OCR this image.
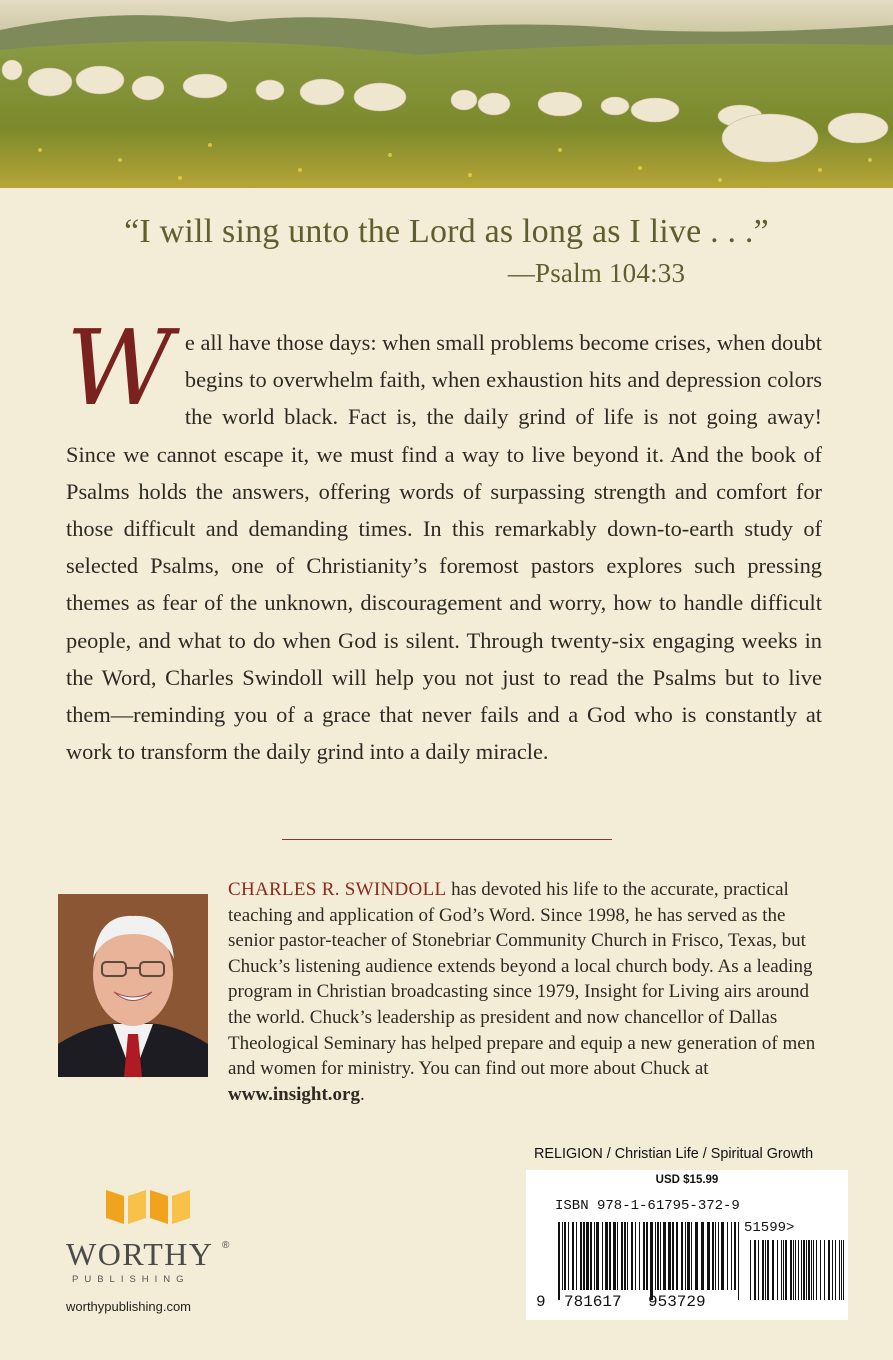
“I will sing unto the Lord as long as I live . . .”
—Psalm 104:33
We all have those days: when small problems become crises, when doubt begins to overwhelm faith, when exhaustion hits and depression colors the world black. Fact is, the daily grind of life is not going away! Since we cannot escape it, we must find a way to live beyond it. And the book of Psalms holds the answers, offering words of surpassing strength and comfort for those difficult and demanding times. In this remarkably down-to-earth study of selected Psalms, one of Christianity’s foremost pastors explores such pressing themes as fear of the unknown, discouragement and worry, how to handle difficult people, and what to do when God is silent. Through twenty-six engaging weeks in the Word, Charles Swindoll will help you not just to read the Psalms but to live them—reminding you of a grace that never fails and a God who is constantly at work to transform the daily grind into a daily miracle.
CHARLES R. SWINDOLL has devoted his life to the accurate, practical teaching and application of God’s Word. Since 1998, he has served as the senior pastor-teacher of Stonebriar Community Church in Frisco, Texas, but Chuck’s listening audience extends beyond a local church body. As a leading program in Christian broadcasting since 1979, Insight for Living airs around the world. Chuck’s leadership as president and now chancellor of Dallas Theological Seminary has helped prepare and equip a new generation of men and women for ministry. You can find out more about Chuck at www.insight.org.
RELIGION / Christian Life / Spiritual Growth
USD $15.99
ISBN 978-1-61795-372-9
51599>
9 781617 953729
WORTHY ®
PUBLISHING
worthypublishing.com
